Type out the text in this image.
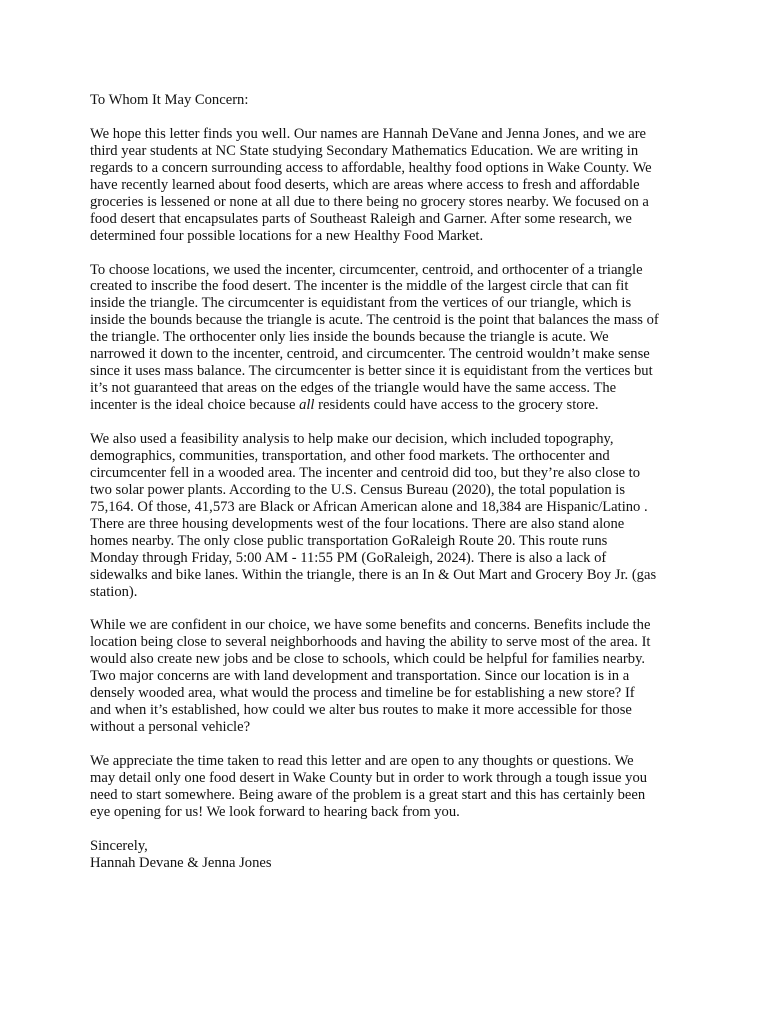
To Whom It May Concern:

We hope this letter finds you well. Our names are Hannah DeVane and Jenna Jones, and we are
third year students at NC State studying Secondary Mathematics Education. We are writing in
regards to a concern surrounding access to affordable, healthy food options in Wake County. We
have recently learned about food deserts, which are areas where access to fresh and affordable
groceries is lessened or none at all due to there being no grocery stores nearby. We focused on a
food desert that encapsulates parts of Southeast Raleigh and Garner. After some research, we
determined four possible locations for a new Healthy Food Market.

To choose locations, we used the incenter, circumcenter, centroid, and orthocenter of a triangle
created to inscribe the food desert. The incenter is the middle of the largest circle that can fit
inside the triangle. The circumcenter is equidistant from the vertices of our triangle, which is
inside the bounds because the triangle is acute. The centroid is the point that balances the mass of
the triangle. The orthocenter only lies inside the bounds because the triangle is acute. We
narrowed it down to the incenter, centroid, and circumcenter. The centroid wouldn’t make sense
since it uses mass balance. The circumcenter is better since it is equidistant from the vertices but
it’s not guaranteed that areas on the edges of the triangle would have the same access. The
incenter is the ideal choice because all residents could have access to the grocery store.

We also used a feasibility analysis to help make our decision, which included topography,
demographics, communities, transportation, and other food markets. The orthocenter and
circumcenter fell in a wooded area. The incenter and centroid did too, but they’re also close to
two solar power plants. According to the U.S. Census Bureau (2020), the total population is
75,164. Of those, 41,573 are Black or African American alone and 18,384 are Hispanic/Latino .
There are three housing developments west of the four locations. There are also stand alone
homes nearby. The only close public transportation GoRaleigh Route 20. This route runs
Monday through Friday, 5:00 AM - 11:55 PM (GoRaleigh, 2024). There is also a lack of
sidewalks and bike lanes. Within the triangle, there is an In & Out Mart and Grocery Boy Jr. (gas
station).

While we are confident in our choice, we have some benefits and concerns. Benefits include the
location being close to several neighborhoods and having the ability to serve most of the area. It
would also create new jobs and be close to schools, which could be helpful for families nearby.
Two major concerns are with land development and transportation. Since our location is in a
densely wooded area, what would the process and timeline be for establishing a new store? If
and when it’s established, how could we alter bus routes to make it more accessible for those
without a personal vehicle?

We appreciate the time taken to read this letter and are open to any thoughts or questions. We
may detail only one food desert in Wake County but in order to work through a tough issue you
need to start somewhere. Being aware of the problem is a great start and this has certainly been
eye opening for us! We look forward to hearing back from you.

Sincerely,

Hannah Devane & Jenna Jones
